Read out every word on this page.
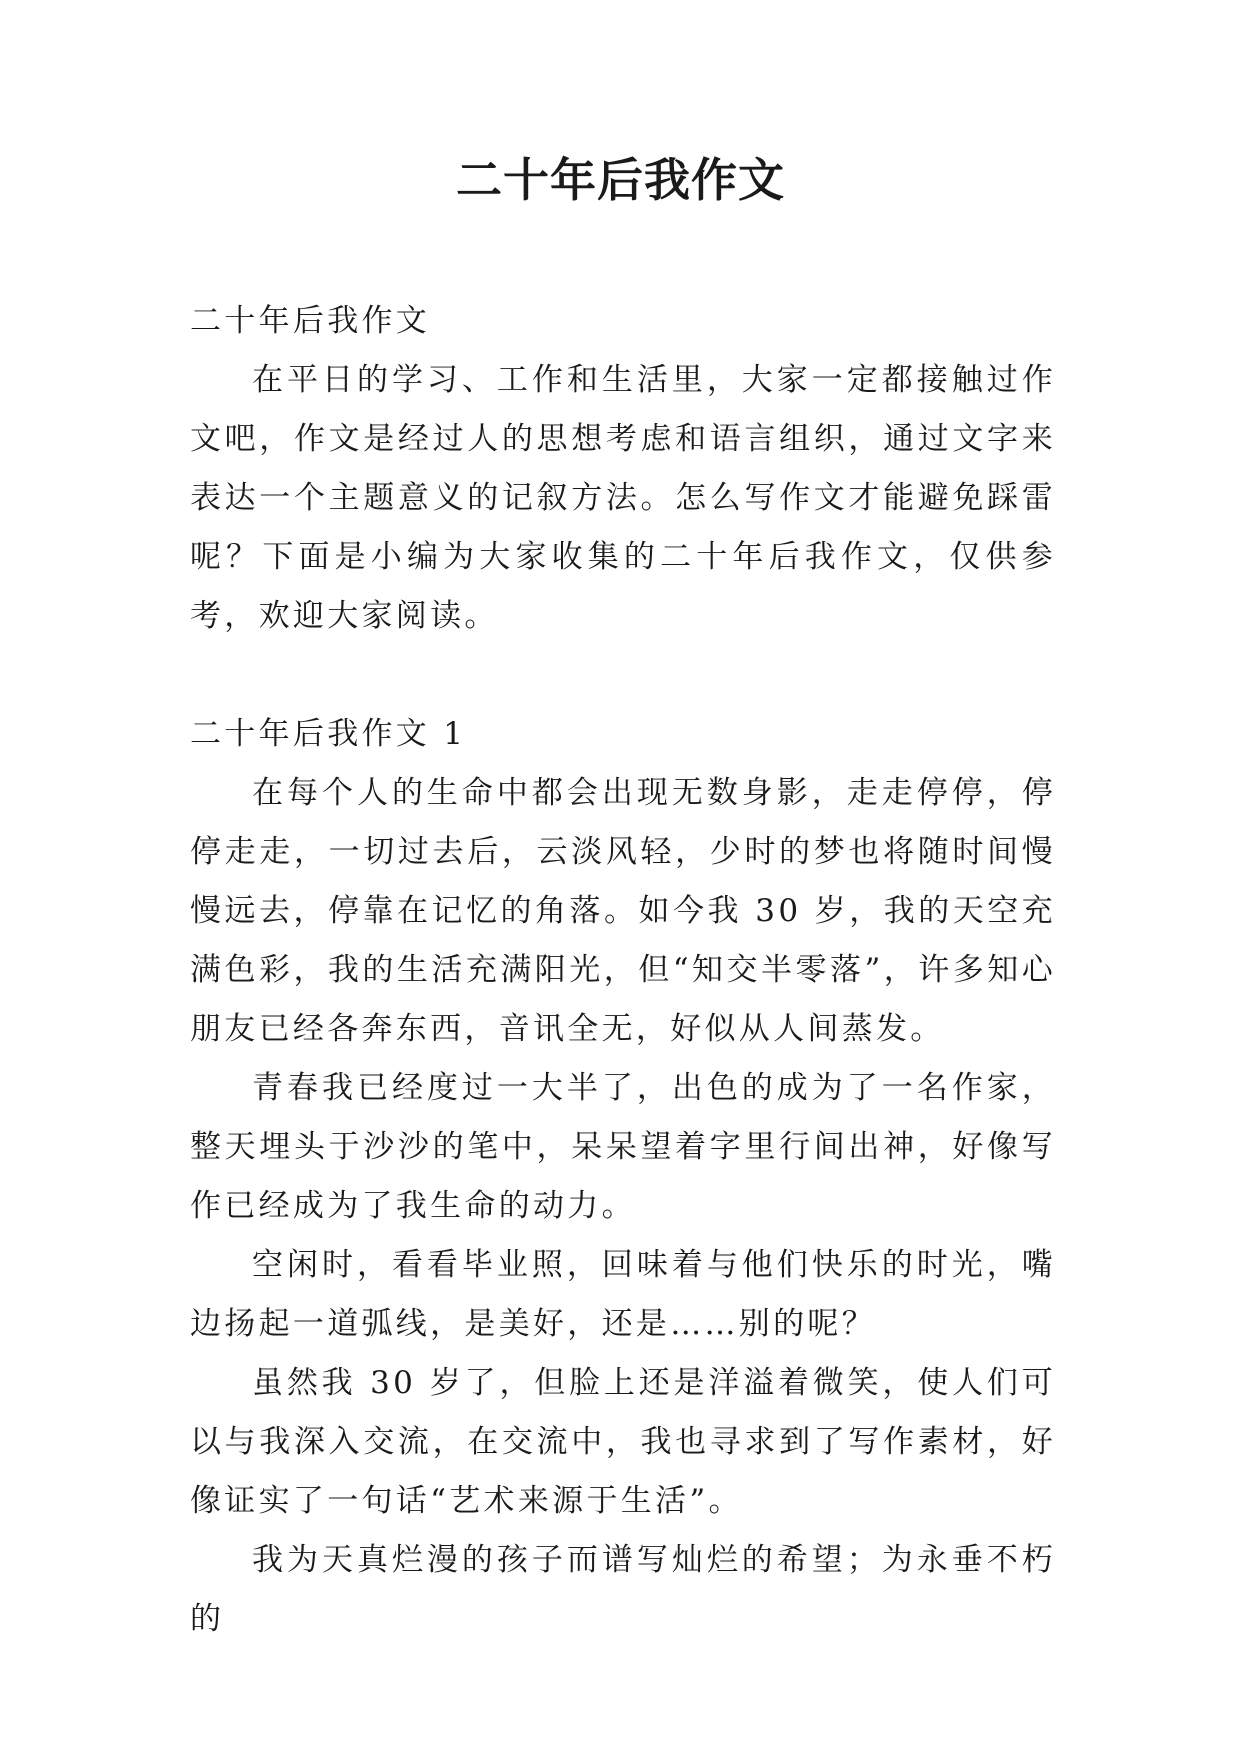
二十年后我作文

二十年后我作文

在平日的学习、工作和生活里，大家一定都接触过作文吧，作文是经过人的思想考虑和语言组织，通过文字来表达一个主题意义的记叙方法。怎么写作文才能避免踩雷呢？下面是小编为大家收集的二十年后我作文，仅供参考，欢迎大家阅读。

二十年后我作文 1

在每个人的生命中都会出现无数身影，走走停停，停停走走，一切过去后，云淡风轻，少时的梦也将随时间慢慢远去，停靠在记忆的角落。如今我 30 岁，我的天空充满色彩，我的生活充满阳光，但“知交半零落”，许多知心朋友已经各奔东西，音讯全无，好似从人间蒸发。

青春我已经度过一大半了，出色的成为了一名作家，整天埋头于沙沙的笔中，呆呆望着字里行间出神，好像写作已经成为了我生命的动力。

空闲时，看看毕业照，回味着与他们快乐的时光，嘴边扬起一道弧线，是美好，还是……别的呢？

虽然我 30 岁了，但脸上还是洋溢着微笑，使人们可以与我深入交流，在交流中，我也寻求到了写作素材，好像证实了一句话“艺术来源于生活”。

我为天真烂漫的孩子而谱写灿烂的希望；为永垂不朽的
